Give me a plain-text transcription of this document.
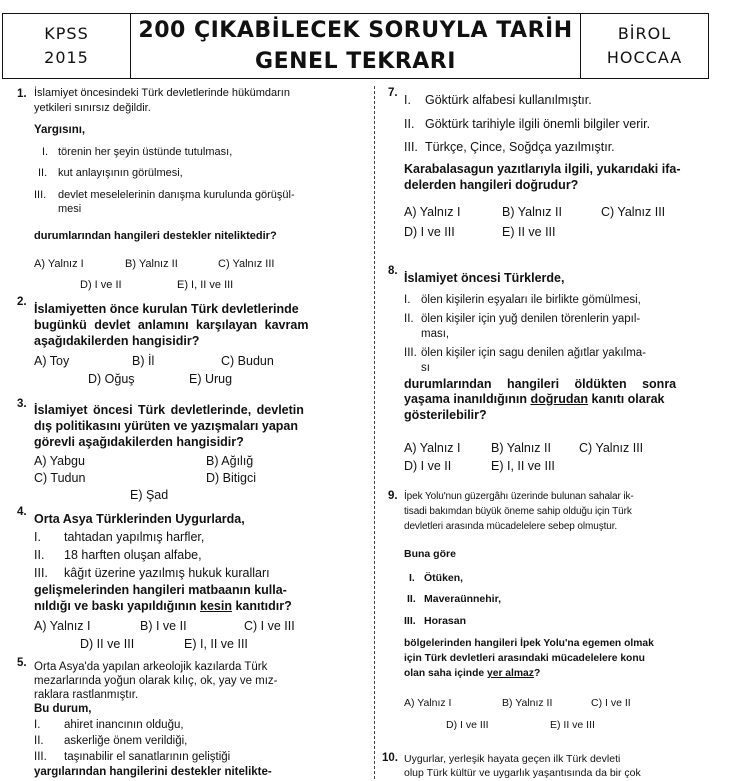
KPSS
2015
200 ÇIKABİLECEK SORUYLA TARİH
GENEL TEKRARI
BİROL
HOCCAA
1. İslamiyet öncesindeki Türk devletlerinde hükümdarın
yetkileri sınırsız değildir.
Yargısını,
I. törenin her şeyin üstünde tutulması,
II. kut anlayışının görülmesi,
III. devlet meselelerinin danışma kurulunda görüşül-
mesi
durumlarından hangileri destekler niteliktedir?
A) Yalnız I	B) Yalnız II	C) Yalnız III
D) I ve II	E) I, II ve III
2. İslamiyetten önce kurulan Türk devletlerinde
bugünkü devlet anlamını karşılayan kavram
aşağıdakilerden hangisidir?
A) Toy	B) İl	C) Budun
D) Oğuş	E) Urug
3. İslamiyet öncesi Türk devletlerinde, devletin
dış politikasını yürüten ve yazışmaları yapan
görevli aşağıdakilerden hangisidir?
A) Yabgu	B) Ağılığ
C) Tudun	D) Bitigci
E) Şad
4. Orta Asya Türklerinden Uygurlarda,
I. tahtadan yapılmış harfler,
II. 18 harften oluşan alfabe,
III. kâğıt üzerine yazılmış hukuk kuralları
gelişmelerinden hangileri matbaanın kulla-
nıldığı ve baskı yapıldığının kesin kanıtıdır?
A) Yalnız I	B) I ve II	C) I ve III
D) II ve III	E) I, II ve III
5. Orta Asya'da yapılan arkeolojik kazılarda Türk
mezarlarında yoğun olarak kılıç, ok, yay ve mız-
raklara rastlanmıştır.
Bu durum,
I. ahiret inancının olduğu,
II. askerliğe önem verildiği,
III. taşınabilir el sanatlarının geliştiği
yargılarından hangilerini destekler nitelikte-
7. I. Göktürk alfabesi kullanılmıştır.
II. Göktürk tarihiyle ilgili önemli bilgiler verir.
III. Türkçe, Çince, Soğdça yazılmıştır.
Karabalasagun yazıtlarıyla ilgili, yukarıdaki ifa-
delerden hangileri doğrudur?
A) Yalnız I	B) Yalnız II	C) Yalnız III
D) I ve III	E) II ve III
8. İslamiyet öncesi Türklerde,
I. ölen kişilerin eşyaları ile birlikte gömülmesi,
II. ölen kişiler için yuğ denilen törenlerin yapıl-
ması,
III. ölen kişiler için sagu denilen ağıtlar yakılma-
sı
durumlarından hangileri öldükten sonra
yaşama inanıldığının doğrudan kanıtı olarak
gösterilebilir?
A) Yalnız I B) Yalnız II C) Yalnız III
D) I ve II	E) I, II ve III
9. İpek Yolu'nun güzergâhı üzerinde bulunan sahalar ik-
tisadi bakımdan büyük öneme sahip olduğu için Türk
devletleri arasında mücadelelere sebep olmuştur.
Buna göre
I. Ötüken,
II. Maveraünnehir,
III. Horasan
bölgelerinden hangileri İpek Yolu'na egemen olmak
için Türk devletleri arasındaki mücadelelere konu
olan saha içinde yer almaz?
A) Yalnız I	B) Yalnız II	C) I ve II
D) I ve III	E) II ve III
10. Uygurlar, yerleşik hayata geçen ilk Türk devleti
olup Türk kültür ve uygarlık yaşantısında da bir çok
